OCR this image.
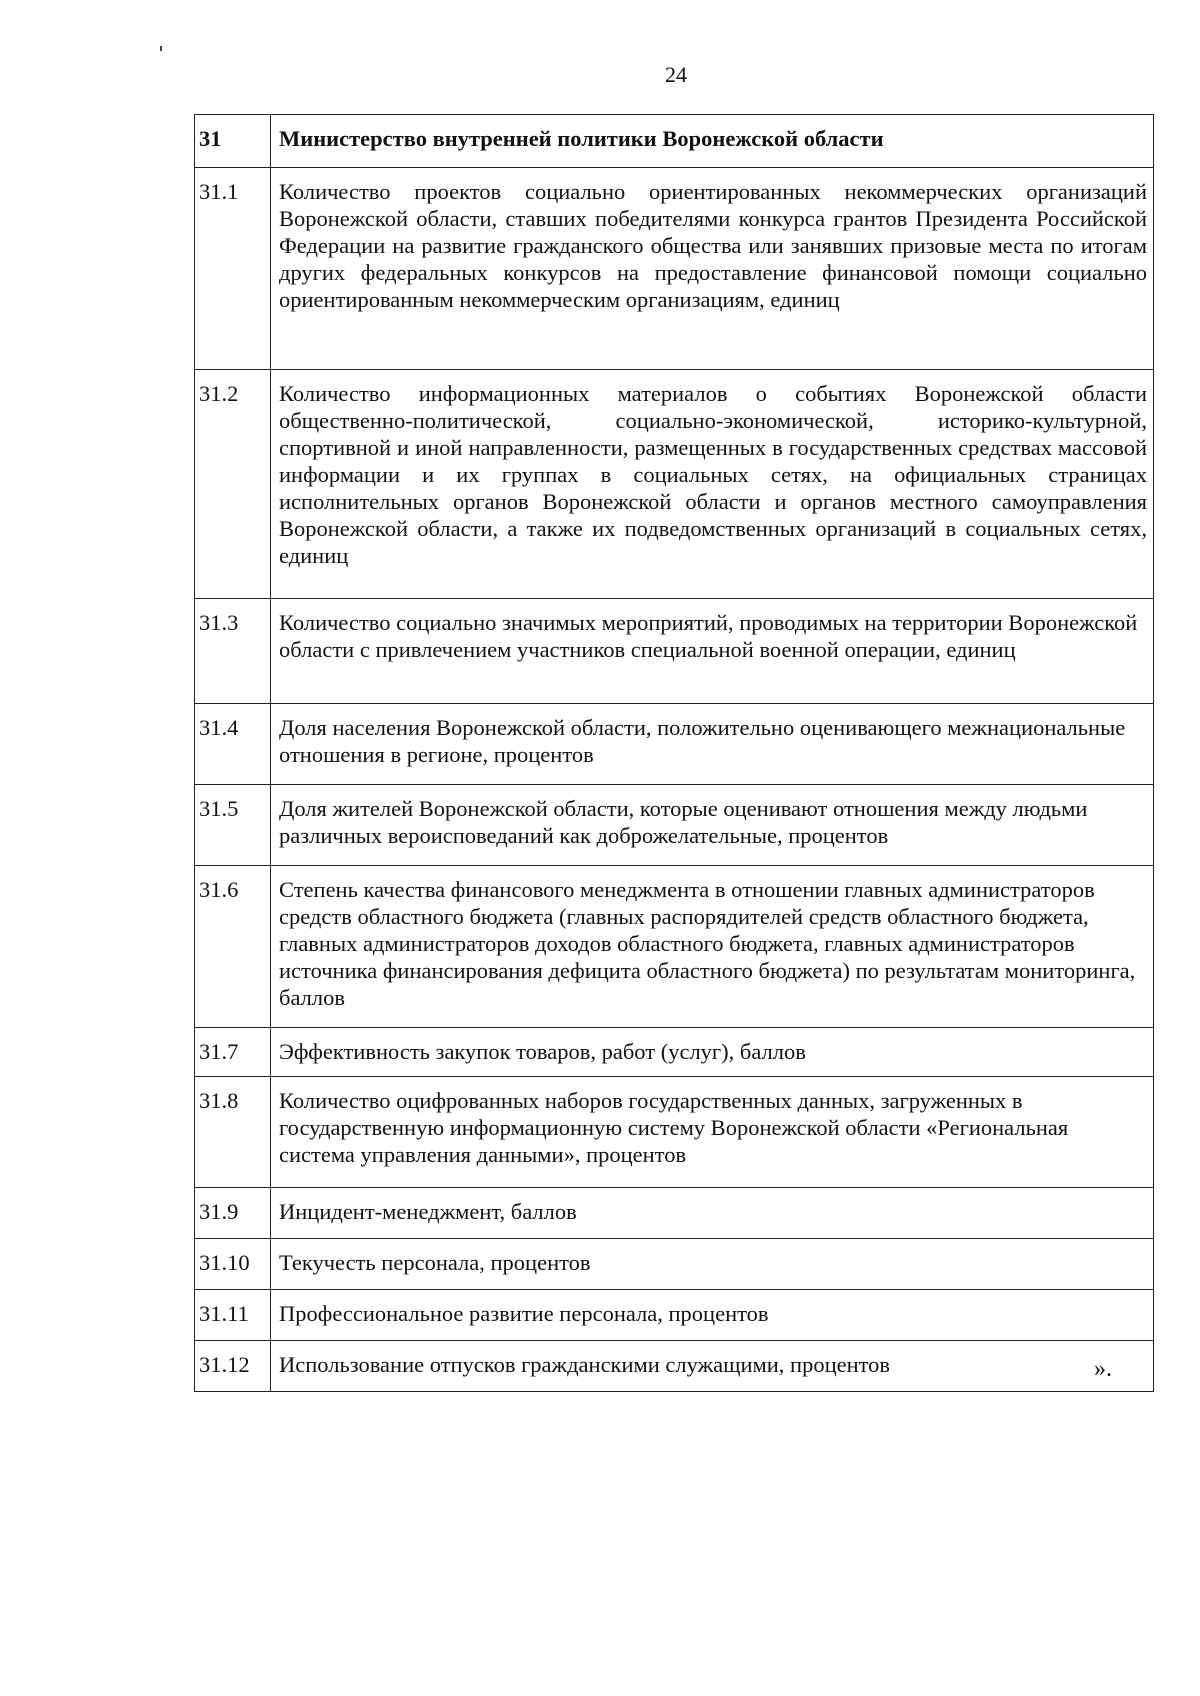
24
31	Министерство внутренней политики Воронежской области
31.1	Количество проектов социально ориентированных некоммерческих организаций Воронежской области, ставших победителями конкурса грантов Президента Российской Федерации на развитие гражданского общества или занявших призовые места по итогам других федеральных конкурсов на предоставление финансовой помощи социально ориентированным некоммерческим организациям, единиц
31.2	Количество информационных материалов о событиях Воронежской области общественно-политической, социально-экономической, историко-культурной, спортивной и иной направленности, размещенных в государственных средствах массовой информации и их группах в социальных сетях, на официальных страницах исполнительных органов Воронежской области и органов местного самоуправления Воронежской области, а также их подведомственных организаций в социальных сетях, единиц
31.3	Количество социально значимых мероприятий, проводимых на территории Воронежской области с привлечением участников специальной военной операции, единиц
31.4	Доля населения Воронежской области, положительно оценивающего межнациональные отношения в регионе, процентов
31.5	Доля жителей Воронежской области, которые оценивают отношения между людьми различных вероисповеданий как доброжелательные, процентов
31.6	Степень качества финансового менеджмента в отношении главных администраторов средств областного бюджета (главных распорядителей средств областного бюджета, главных администраторов доходов областного бюджета, главных администраторов источника финансирования дефицита областного бюджета) по результатам мониторинга, баллов
31.7	Эффективность закупок товаров, работ (услуг), баллов
31.8	Количество оцифрованных наборов государственных данных, загруженных в государственную информационную систему Воронежской области «Региональная система управления данными», процентов
31.9	Инцидент-менеджмент, баллов
31.10	Текучесть персонала, процентов
31.11	Профессиональное развитие персонала, процентов
31.12	Использование отпусков гражданскими служащими, процентов	».
